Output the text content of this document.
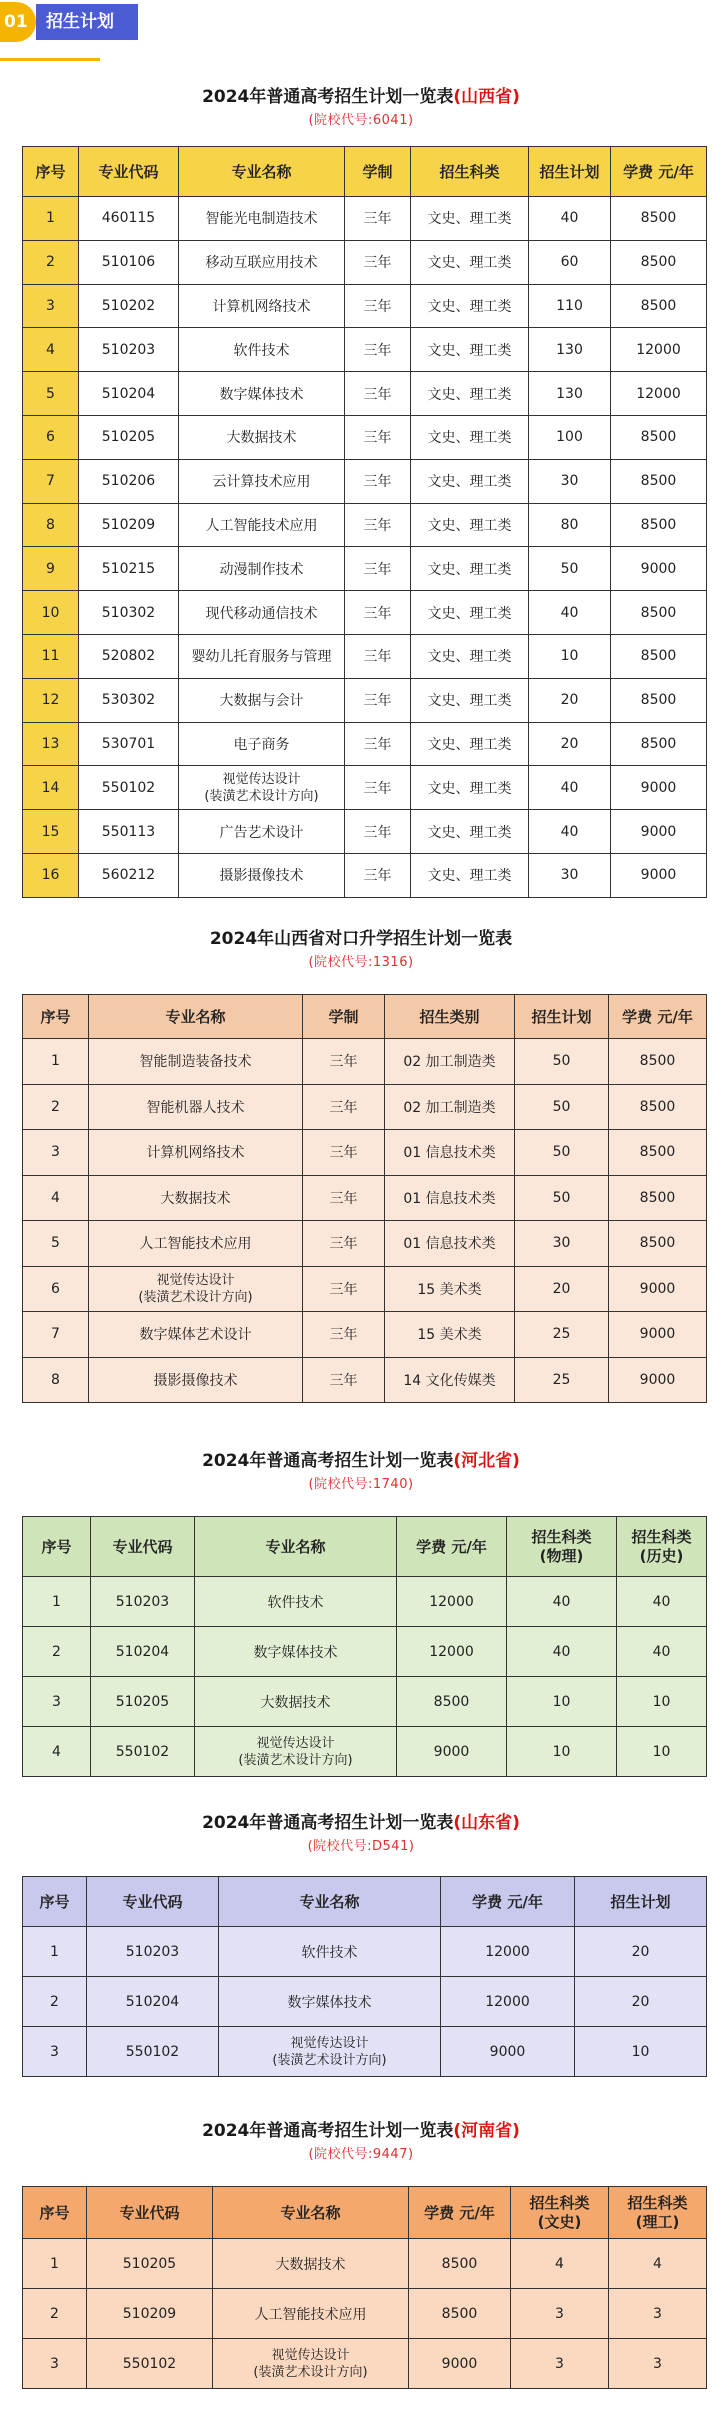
01	招生计划
2024年普通高考招生计划一览表(山西省)
(院校代号:6041)
序号	专业代码	专业名称	学制	招生科类	招生计划	学费 元/年
1	460115	智能光电制造技术	三年	文史、理工类	40	8500
2	510106	移动互联应用技术	三年	文史、理工类	60	8500
3	510202	计算机网络技术	三年	文史、理工类	110	8500
4	510203	软件技术	三年	文史、理工类	130	12000
5	510204	数字媒体技术	三年	文史、理工类	130	12000
6	510205	大数据技术	三年	文史、理工类	100	8500
7	510206	云计算技术应用	三年	文史、理工类	30	8500
8	510209	人工智能技术应用	三年	文史、理工类	80	8500
9	510215	动漫制作技术	三年	文史、理工类	50	9000
10	510302	现代移动通信技术	三年	文史、理工类	40	8500
11	520802	婴幼儿托育服务与管理	三年	文史、理工类	10	8500
12	530302	大数据与会计	三年	文史、理工类	20	8500
13	530701	电子商务	三年	文史、理工类	20	8500
14	550102	视觉传达设计
(装潢艺术设计方向)	三年	文史、理工类	40	9000
15	550113	广告艺术设计	三年	文史、理工类	40	9000
16	560212	摄影摄像技术	三年	文史、理工类	30	9000
2024年山西省对口升学招生计划一览表
(院校代号:1316)
序号	专业名称	学制	招生类别	招生计划	学费 元/年
1	智能制造装备技术	三年	02 加工制造类	50	8500
2	智能机器人技术	三年	02 加工制造类	50	8500
3	计算机网络技术	三年	01 信息技术类	50	8500
4	大数据技术	三年	01 信息技术类	50	8500
5	人工智能技术应用	三年	01 信息技术类	30	8500
6	视觉传达设计
(装潢艺术设计方向)	三年	15 美术类	20	9000
7	数字媒体艺术设计	三年	15 美术类	25	9000
8	摄影摄像技术	三年	14 文化传媒类	25	9000
2024年普通高考招生计划一览表(河北省)
(院校代号:1740)
序号	专业代码	专业名称	学费 元/年	招生科类
(物理)	招生科类
(历史)
1	510203	软件技术	12000	40	40
2	510204	数字媒体技术	12000	40	40
3	510205	大数据技术	8500	10	10
4	550102	视觉传达设计
(装潢艺术设计方向)	9000	10	10
2024年普通高考招生计划一览表(山东省)
(院校代号:D541)
序号	专业代码	专业名称	学费 元/年	招生计划
1	510203	软件技术	12000	20
2	510204	数字媒体技术	12000	20
3	550102	视觉传达设计
(装潢艺术设计方向)	9000	10
2024年普通高考招生计划一览表(河南省)
(院校代号:9447)
序号	专业代码	专业名称	学费 元/年	招生科类
(文史)	招生科类
(理工)
1	510205	大数据技术	8500	4	4
2	510209	人工智能技术应用	8500	3	3
3	550102	视觉传达设计
(装潢艺术设计方向)	9000	3	3
